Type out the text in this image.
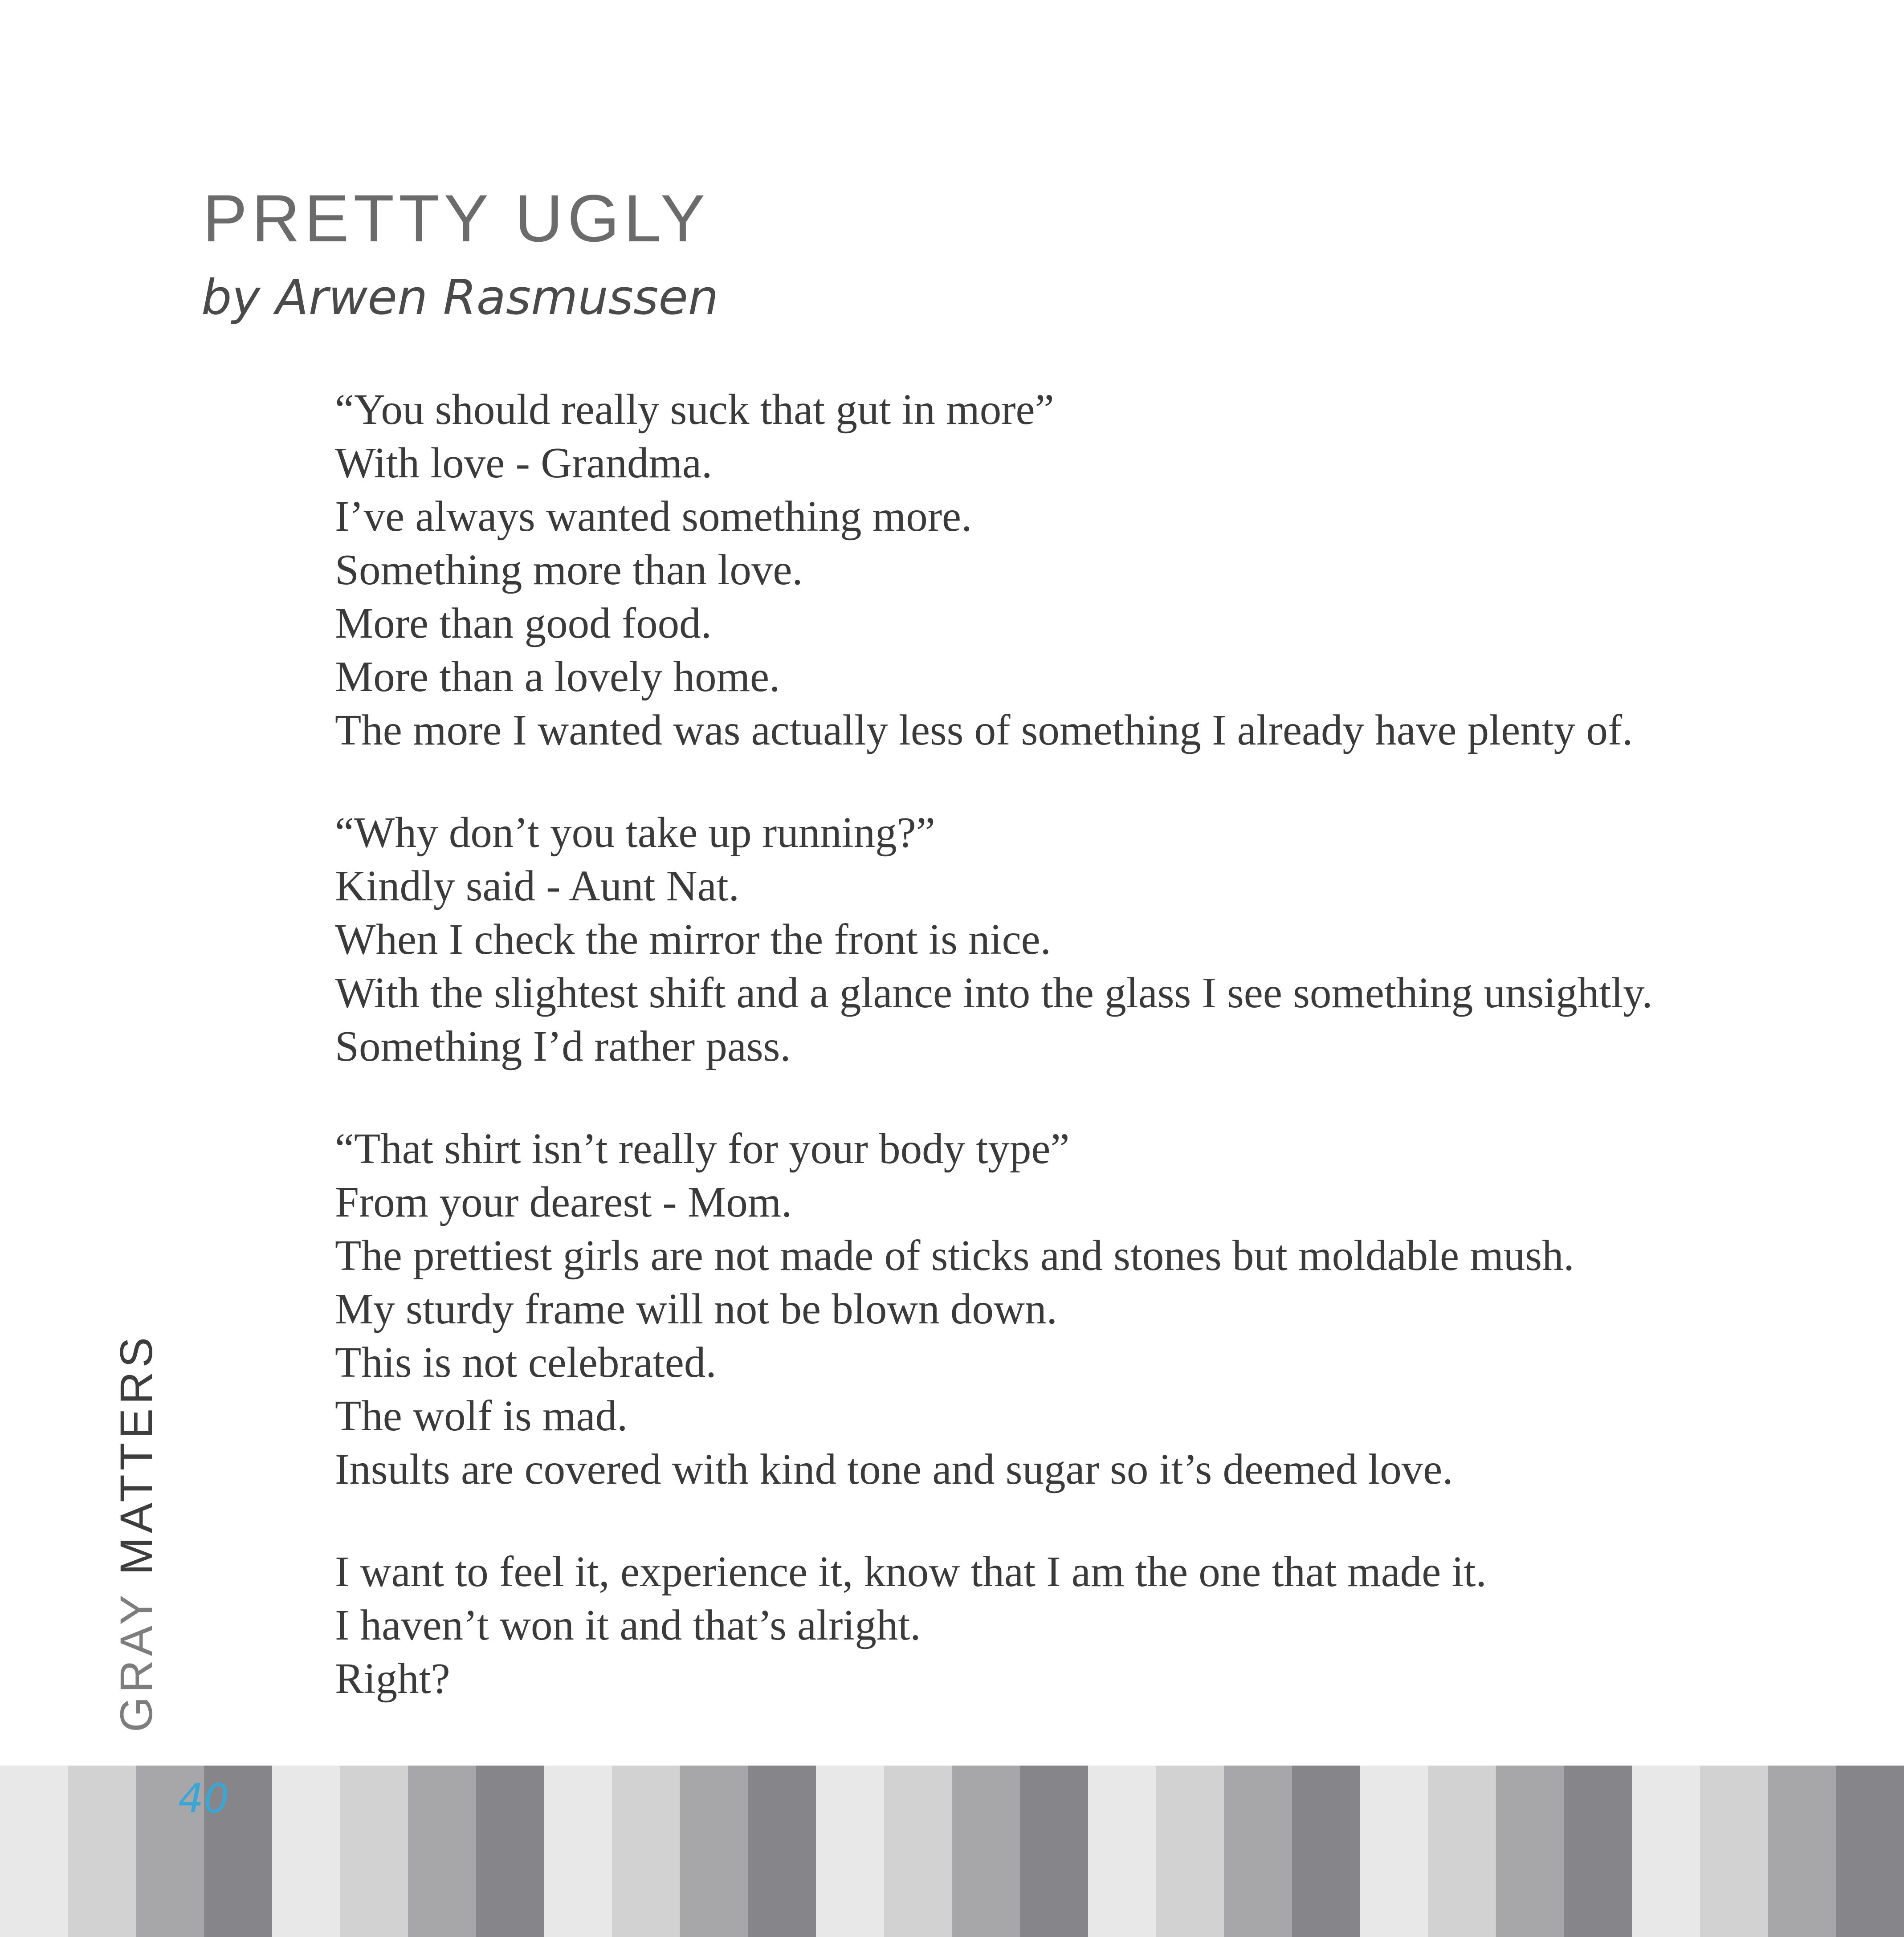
PRETTY UGLY
by Arwen Rasmussen
“You should really suck that gut in more”
With love - Grandma.
I’ve always wanted something more.
Something more than love.
More than good food.
More than a lovely home.
The more I wanted was actually less of something I already have plenty of.
“Why don’t you take up running?”
Kindly said - Aunt Nat.
When I check the mirror the front is nice.
With the slightest shift and a glance into the glass I see something unsightly.
Something I’d rather pass.
“That shirt isn’t really for your body type”
From your dearest - Mom.
The prettiest girls are not made of sticks and stones but moldable mush.
My sturdy frame will not be blown down.
This is not celebrated.
The wolf is mad.
Insults are covered with kind tone and sugar so it’s deemed love.
I want to feel it, experience it, know that I am the one that made it.
I haven’t won it and that’s alright.
Right?
GRAY MATTERS
40
